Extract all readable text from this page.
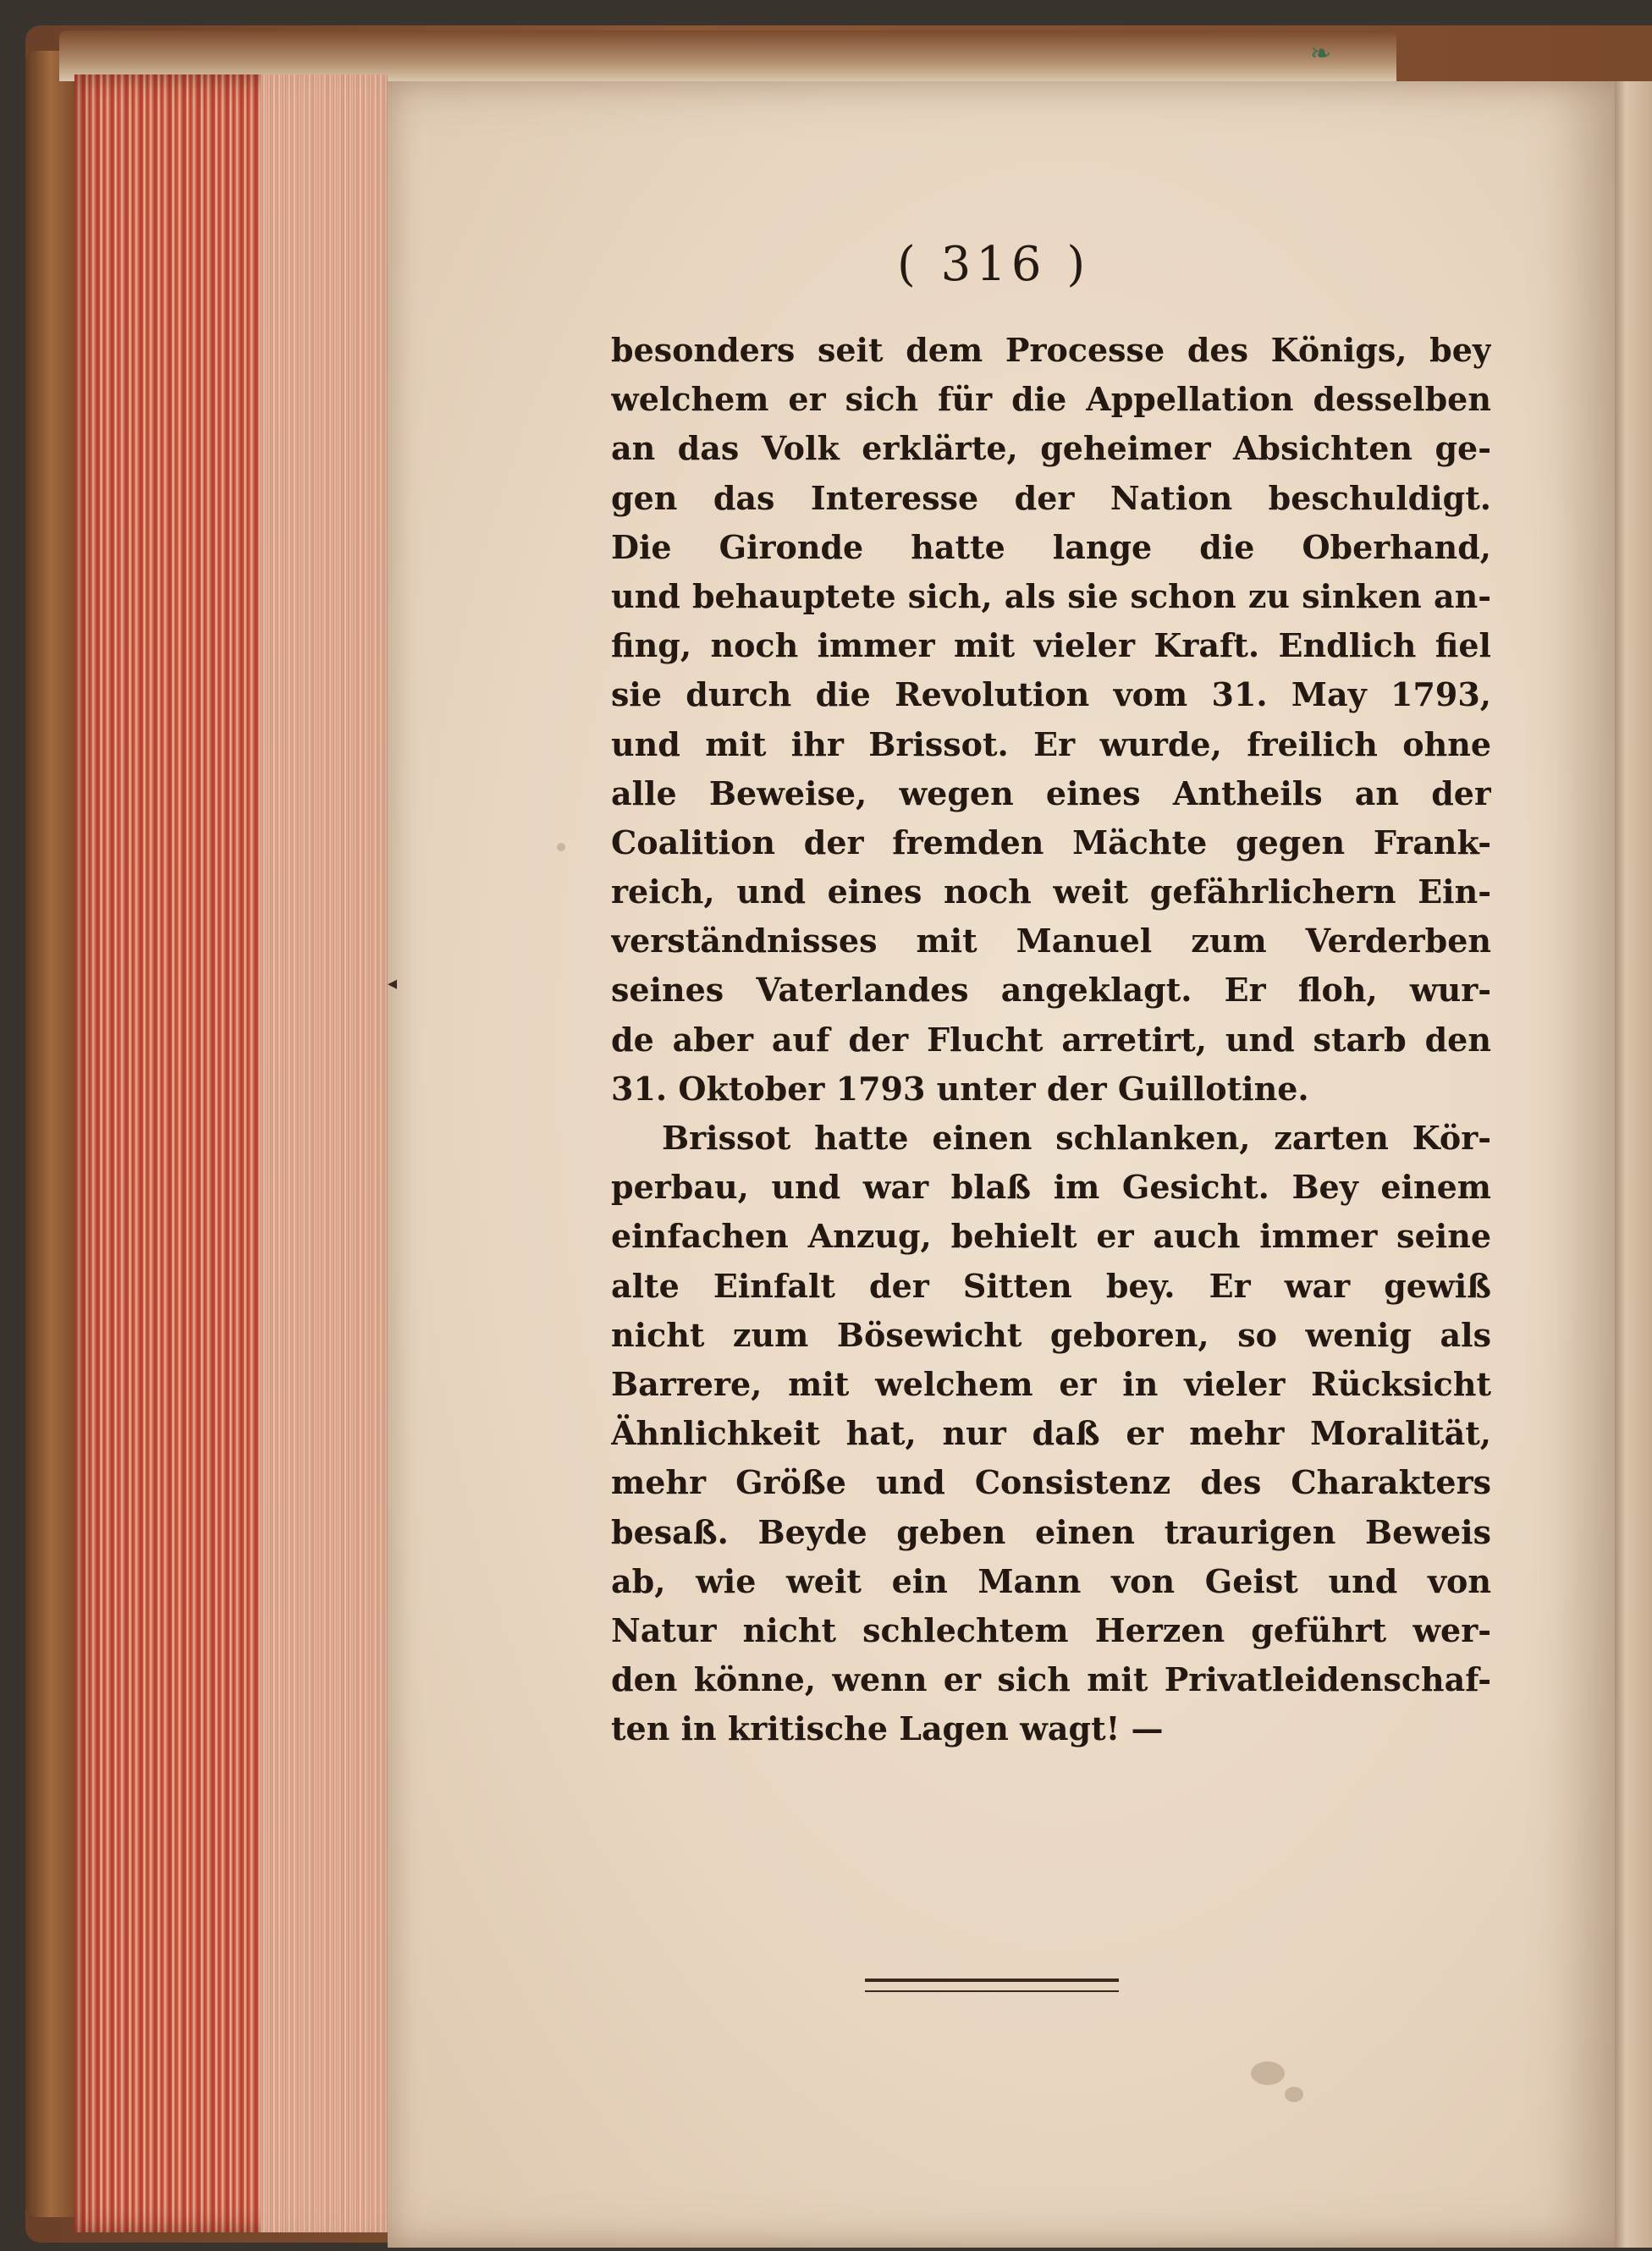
❧
◂
( 316 )
besonders seit dem Processe des Königs, bey
welchem er sich für die Appellation desselben
an das Volk erklärte, geheimer Absichten ge-
gen das Interesse der Nation beschuldigt.
Die Gironde hatte lange die Oberhand,
und behauptete sich, als sie schon zu sinken an-
fing, noch immer mit vieler Kraft. Endlich fiel
sie durch die Revolution vom 31. May 1793,
und mit ihr Brissot. Er wurde, freilich ohne
alle Beweise, wegen eines Antheils an der
Coalition der fremden Mächte gegen Frank-
reich, und eines noch weit gefährlichern Ein-
verständnisses mit Manuel zum Verderben
seines Vaterlandes angeklagt. Er floh, wur-
de aber auf der Flucht arretirt, und starb den
31. Oktober 1793 unter der Guillotine.
Brissot hatte einen schlanken, zarten Kör-
perbau, und war blaß im Gesicht. Bey einem
einfachen Anzug, behielt er auch immer seine
alte Einfalt der Sitten bey. Er war gewiß
nicht zum Bösewicht geboren, so wenig als
Barrere, mit welchem er in vieler Rücksicht
Ähnlichkeit hat, nur daß er mehr Moralität,
mehr Größe und Consistenz des Charakters
besaß. Beyde geben einen traurigen Beweis
ab, wie weit ein Mann von Geist und von
Natur nicht schlechtem Herzen geführt wer-
den könne, wenn er sich mit Privatleidenschaf-
ten in kritische Lagen wagt! —
